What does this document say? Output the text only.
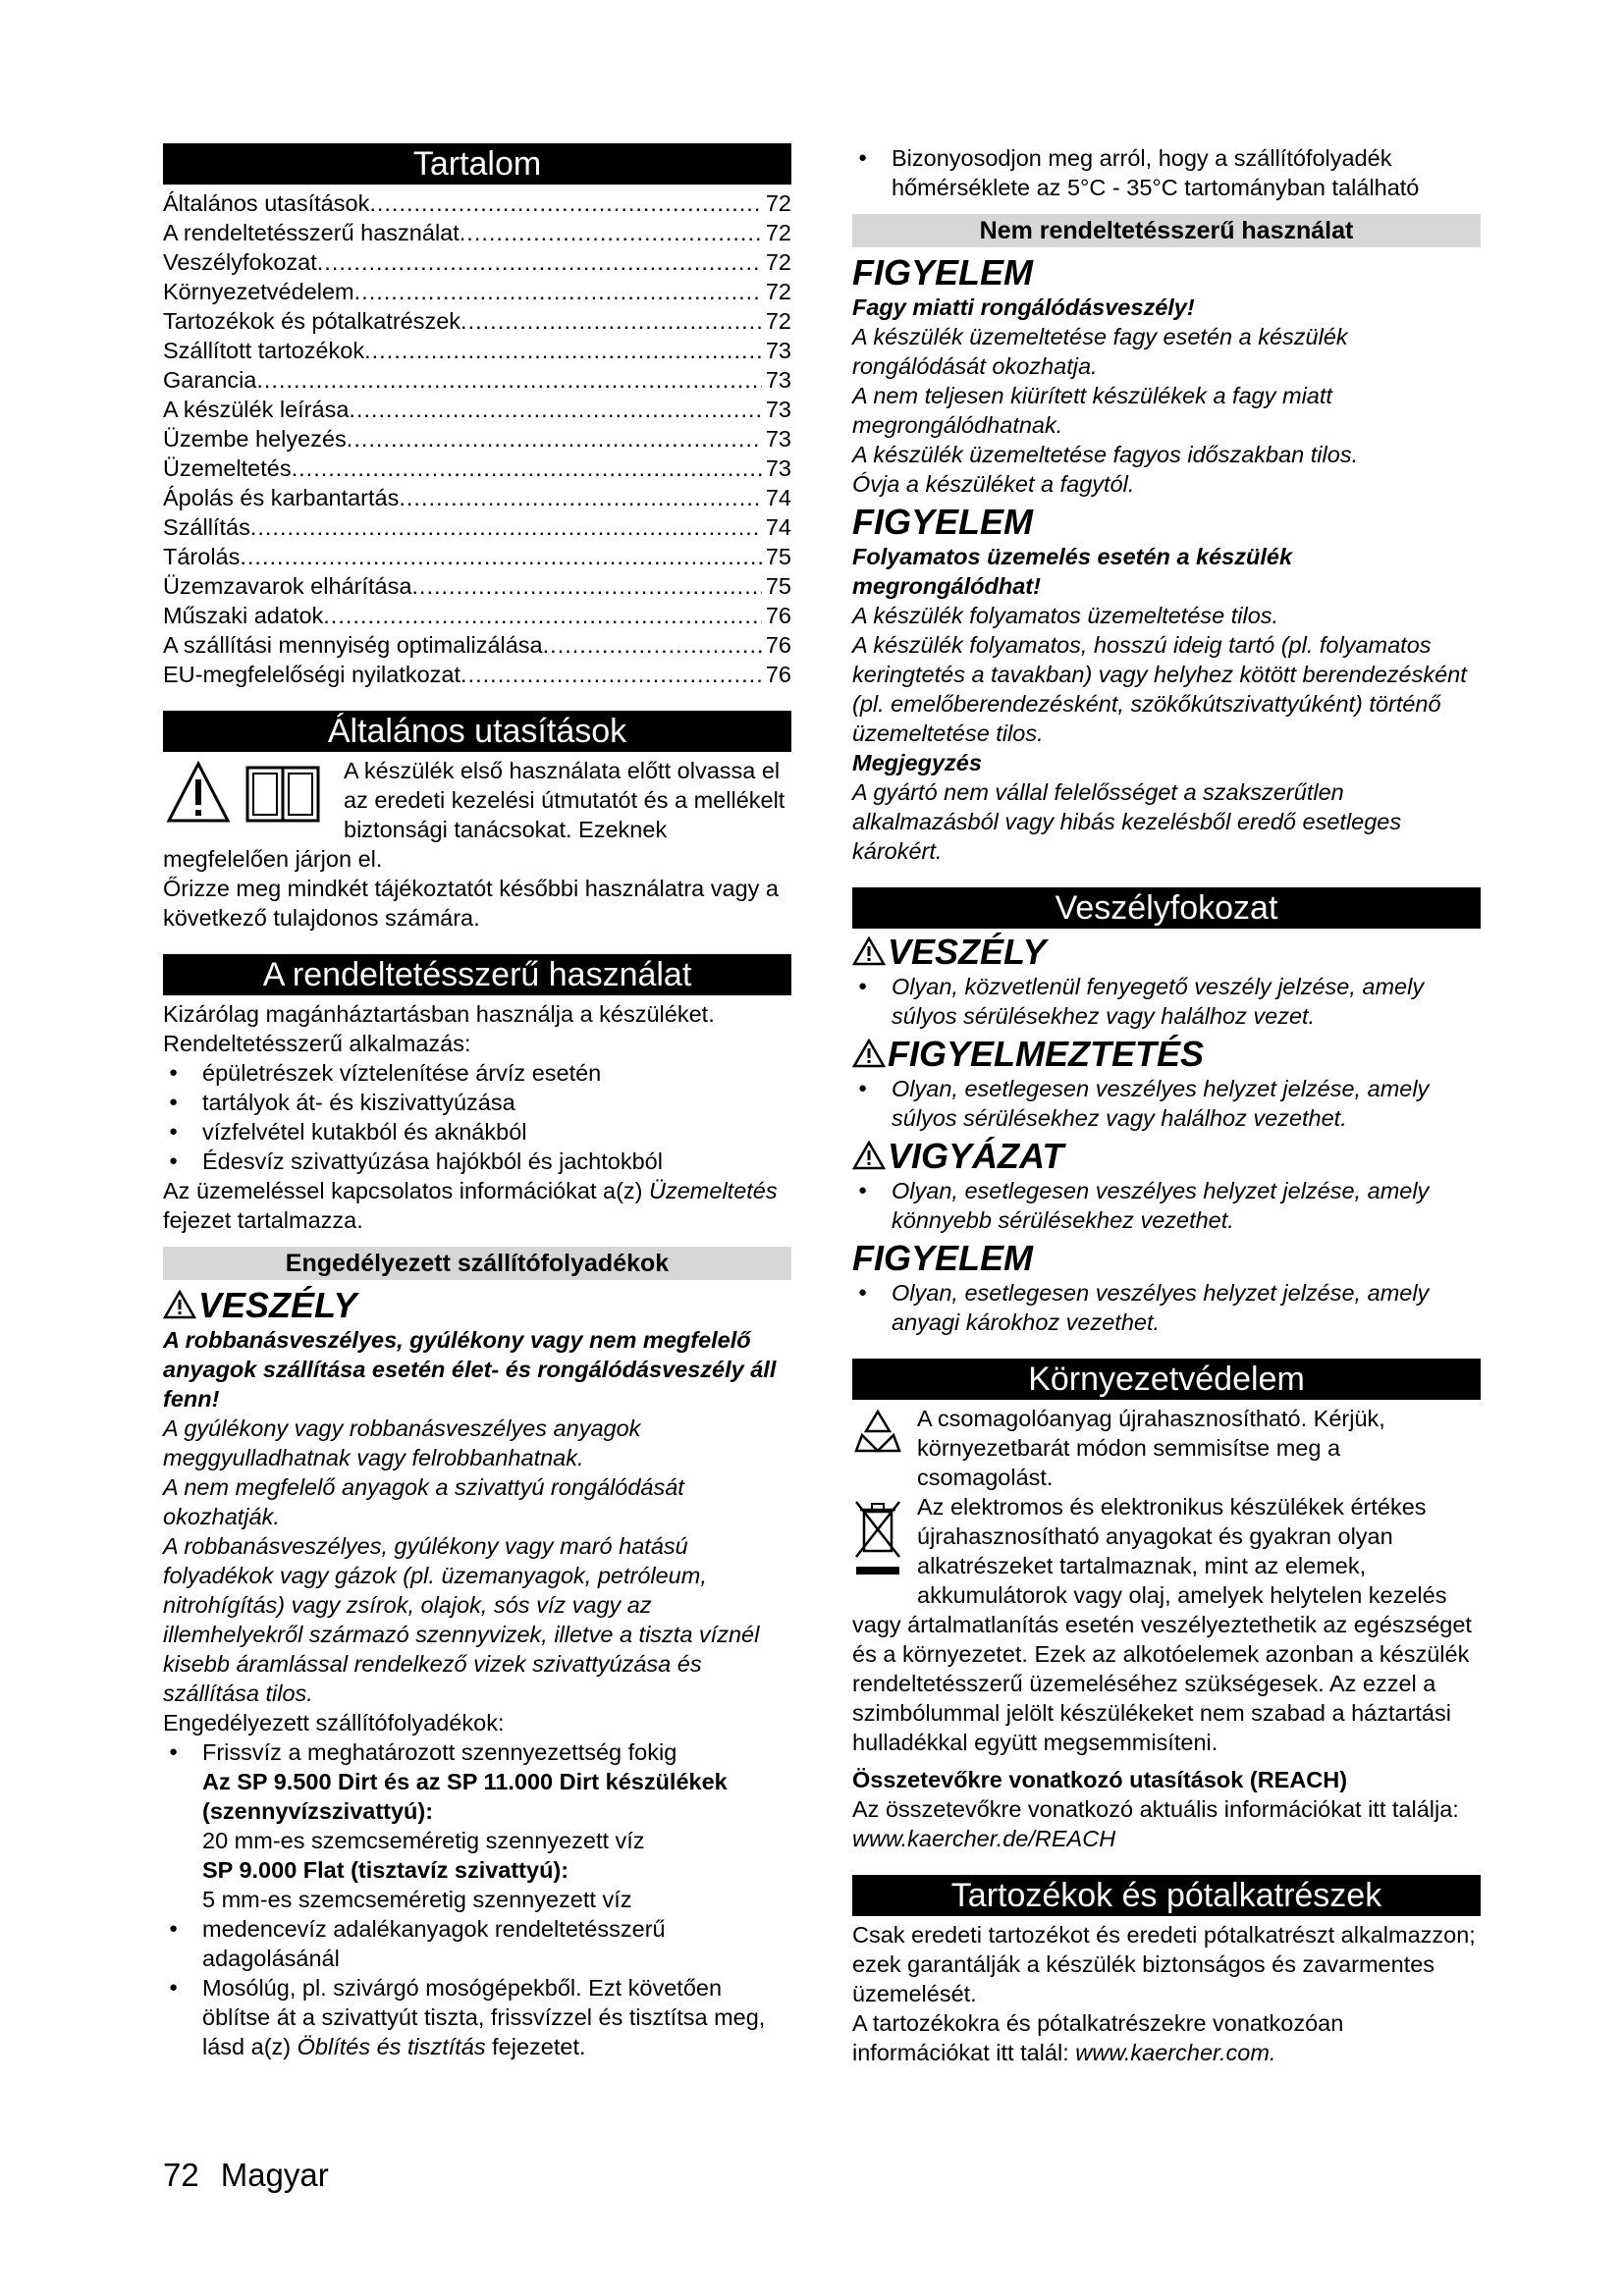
Tartalom
Általános utasítások .....	72
A rendeltetésszerű használat .....	72
Veszélyfokozat .....	72
Környezetvédelem .....	72
Tartozékok és pótalkatrészek .....	72
Szállított tartozékok .....	73
Garancia .....	73
A készülék leírása .....	73
Üzembe helyezés .....	73
Üzemeltetés .....	73
Ápolás és karbantartás .....	74
Szállítás .....	74
Tárolás .....	75
Üzemzavarok elhárítása .....	75
Műszaki adatok .....	76
A szállítási mennyiség optimalizálása .....	76
EU-megfelelőségi nyilatkozat .....	76
Általános utasítások

A készülék első használata előtt olvassa el az eredeti kezelési útmutatót és a mellékelt biztonsági tanácsokat. Ezeknek megfelelően járjon el.

Őrizze meg mindkét tájékoztatót későbbi használatra vagy a következő tulajdonos számára.

A rendeltetésszerű használat

Kizárólag magánháztartásban használja a készüléket.

Rendeltetésszerű alkalmazás:

● épületrészek víztelenítése árvíz esetén
● tartályok át- és kiszivattyúzása
● vízfelvétel kutakból és aknákból
● Édesvíz szivattyúzása hajókból és jachtokból

Az üzemeléssel kapcsolatos információkat a(z) Üzemeltetés fejezet tartalmazza.

Engedélyezett szállítófolyadékok
VESZÉLY

A robbanásveszélyes, gyúlékony vagy nem megfelelő anyagok szállítása esetén élet- és rongálódásveszély áll fenn!

A gyúlékony vagy robbanásveszélyes anyagok meggyulladhatnak vagy felrobbanhatnak.

A nem megfelelő anyagok a szivattyú rongálódását okozhatják.

A robbanásveszélyes, gyúlékony vagy maró hatású folyadékok vagy gázok (pl. üzemanyagok, petróleum, nitrohígítás) vagy zsírok, olajok, sós víz vagy az illemhelyekről származó szennyvizek, illetve a tiszta víznél kisebb áramlással rendelkező vizek szivattyúzása és szállítása tilos.

Engedélyezett szállítófolyadékok:

● Frissvíz a meghatározott szennyezettség fokig
Az SP 9.500 Dirt és az SP 11.000 Dirt készülékek (szennyvízszivattyú):
20 mm-es szemcseméretig szennyezett víz
SP 9.000 Flat (tisztavíz szivattyú):
5 mm-es szemcseméretig szennyezett víz
● medencevíz adalékanyagok rendeltetésszerű adagolásánál
● Mosólúg, pl. szivárgó mosógépekből. Ezt követően öblítse át a szivattyút tiszta, frissvízzel és tisztítsa meg, lásd a(z) Öblítés és tisztítás fejezetet.
● Bizonyosodjon meg arról, hogy a szállítófolyadék hőmérséklete az 5°C - 35°C tartományban található
Nem rendeltetésszerű használat
FIGYELEM

Fagy miatti rongálódásveszély!

A készülék üzemeltetése fagy esetén a készülék rongálódását okozhatja.

A nem teljesen kiürített készülékek a fagy miatt megrongálódhatnak.

A készülék üzemeltetése fagyos időszakban tilos.

Óvja a készüléket a fagytól.

FIGYELEM

Folyamatos üzemelés esetén a készülék megrongálódhat!

A készülék folyamatos üzemeltetése tilos.

A készülék folyamatos, hosszú ideig tartó (pl. folyamatos keringtetés a tavakban) vagy helyhez kötött berendezésként (pl. emelőberendezésként, szökőkútszivattyúként) történő üzemeltetése tilos.

Megjegyzés

A gyártó nem vállal felelősséget a szakszerűtlen alkalmazásból vagy hibás kezelésből eredő esetleges károkért.

Veszélyfokozat
VESZÉLY
● Olyan, közvetlenül fenyegető veszély jelzése, amely súlyos sérülésekhez vagy halálhoz vezet.
FIGYELMEZTETÉS
● Olyan, esetlegesen veszélyes helyzet jelzése, amely súlyos sérülésekhez vagy halálhoz vezethet.
VIGYÁZAT
● Olyan, esetlegesen veszélyes helyzet jelzése, amely könnyebb sérülésekhez vezethet.
FIGYELEM
● Olyan, esetlegesen veszélyes helyzet jelzése, amely anyagi károkhoz vezethet.
Környezetvédelem

A csomagolóanyag újrahasznosítható. Kérjük, környezetbarát módon semmisítse meg a csomagolást.

Az elektromos és elektronikus készülékek értékes újrahasznosítható anyagokat és gyakran olyan alkatrészeket tartalmaznak, mint az elemek, akkumulátorok vagy olaj, amelyek helytelen kezelés vagy ártalmatlanítás esetén veszélyeztethetik az egészséget és a környezetet. Ezek az alkotóelemek azonban a készülék rendeltetésszerű üzemeléséhez szükségesek. Az ezzel a szimbólummal jelölt készülékeket nem szabad a háztartási hulladékkal együtt megsemmisíteni.

Összetevőkre vonatkozó utasítások (REACH)

Az összetevőkre vonatkozó aktuális információkat itt találja: www.kaercher.de/REACH

Tartozékok és pótalkatrészek

Csak eredeti tartozékot és eredeti pótalkatrészt alkalmazzon; ezek garantálják a készülék biztonságos és zavarmentes üzemelését.

A tartozékokra és pótalkatrészekre vonatkozóan információkat itt talál: www.kaercher.com.

72 Magyar
